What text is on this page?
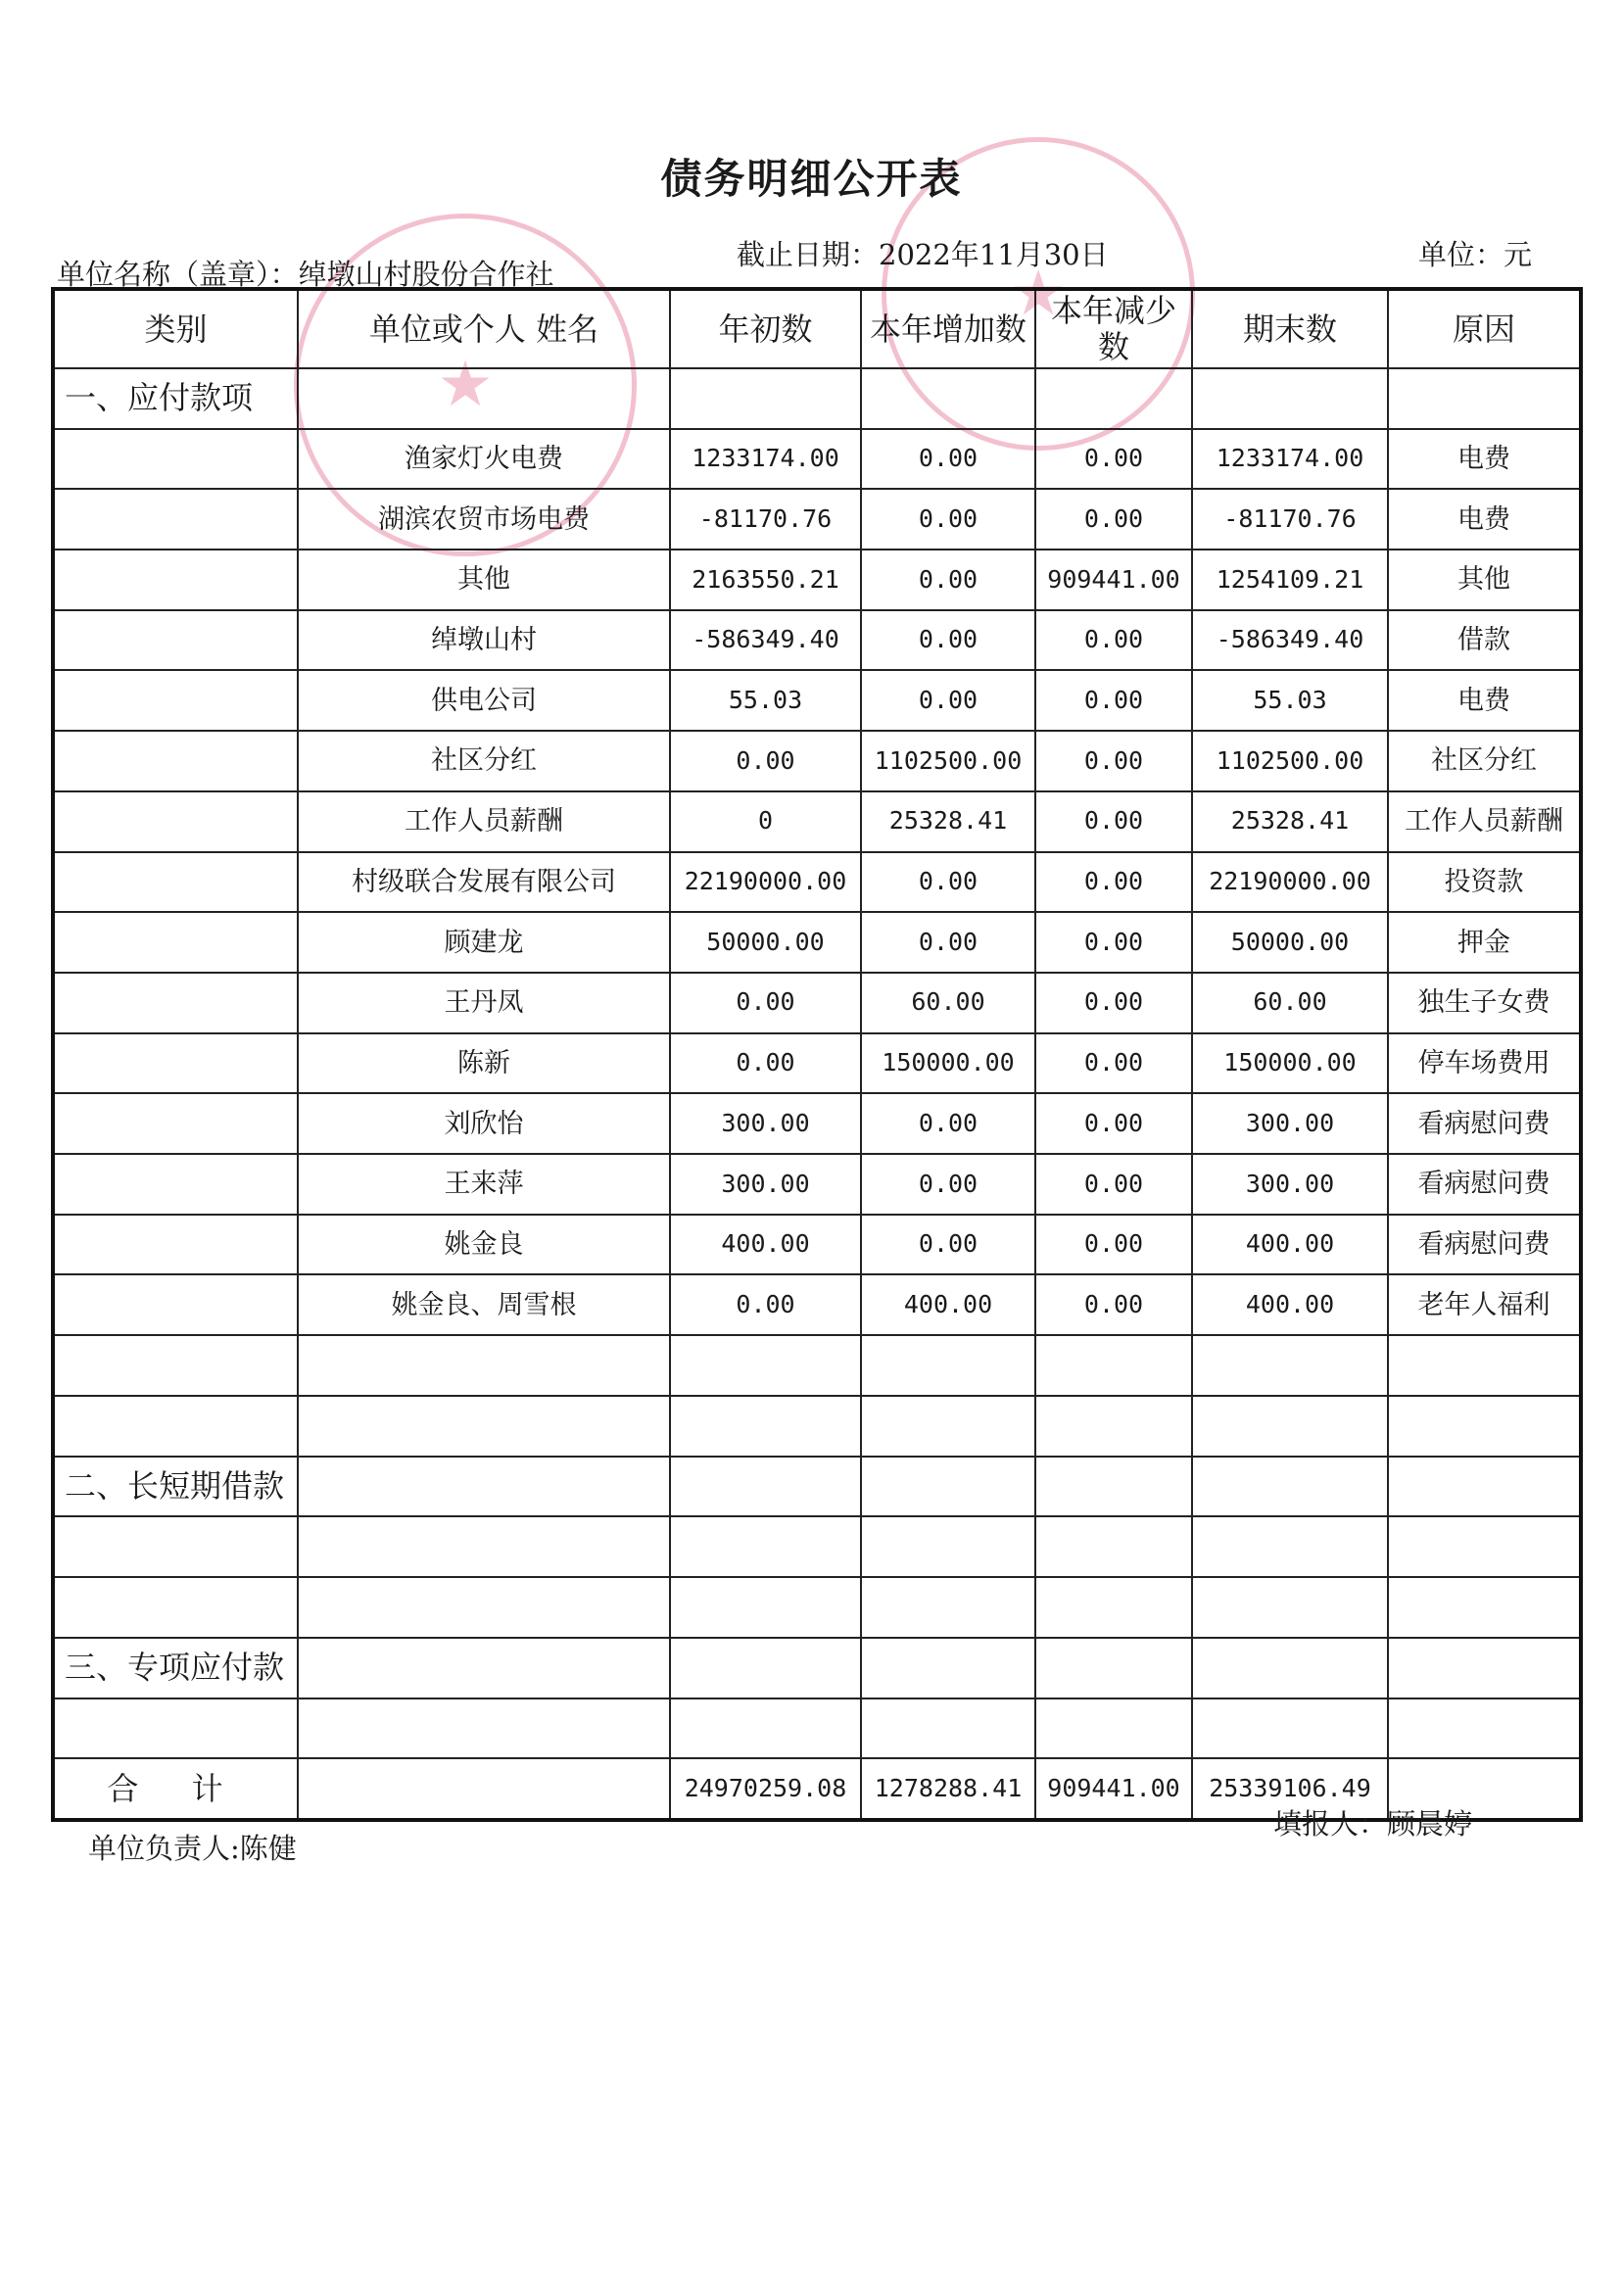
★
★
债务明细公开表
单位名称（盖章）：绰墩山村股份合作社
截止日期：2022年11月30日	单位：元
类别	单位或个人 姓名	年初数	本年增加数	本年减少数	期末数	原因
一、应付款项						
	渔家灯火电费	1233174.00	0.00	0.00	1233174.00	电费
	湖滨农贸市场电费	-81170.76	0.00	0.00	-81170.76	电费
	其他	2163550.21	0.00	909441.00	1254109.21	其他
	绰墩山村	-586349.40	0.00	0.00	-586349.40	借款
	供电公司	55.03	0.00	0.00	55.03	电费
	社区分红	0.00	1102500.00	0.00	1102500.00	社区分红
	工作人员薪酬	0	25328.41	0.00	25328.41	工作人员薪酬
	村级联合发展有限公司	22190000.00	0.00	0.00	22190000.00	投资款
	顾建龙	50000.00	0.00	0.00	50000.00	押金
	王丹凤	0.00	60.00	0.00	60.00	独生子女费
	陈新	0.00	150000.00	0.00	150000.00	停车场费用
	刘欣怡	300.00	0.00	0.00	300.00	看病慰问费
	王来萍	300.00	0.00	0.00	300.00	看病慰问费
	姚金良	400.00	0.00	0.00	400.00	看病慰问费
	姚金良、周雪根	0.00	400.00	0.00	400.00	老年人福利

二、长短期借款						

三、专项应付款						

合 计		24970259.08	1278288.41	909441.00	25339106.49	
单位负责人:陈健
填报人：顾晨婷
